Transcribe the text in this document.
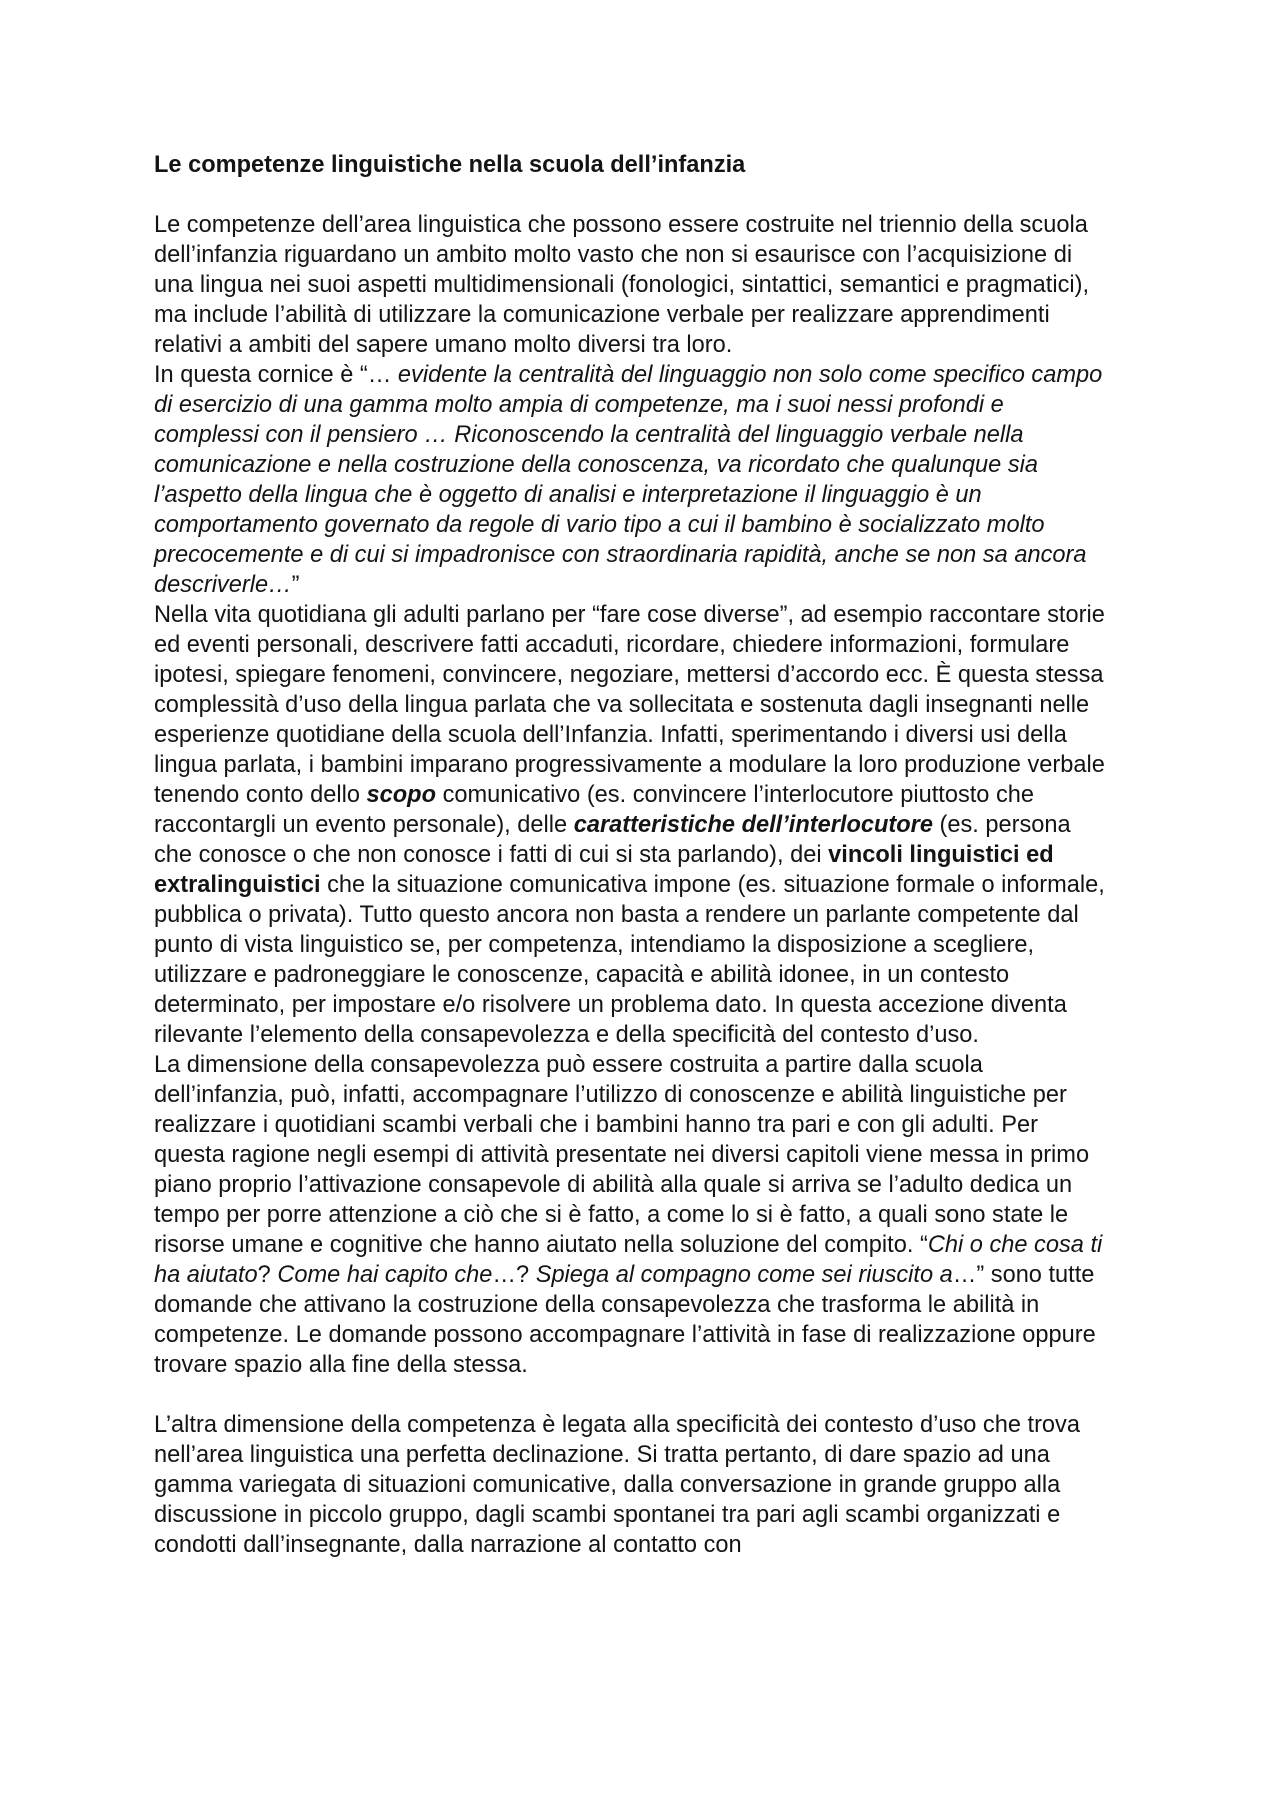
Le competenze linguistiche nella scuola dell’infanzia

Le competenze dell’area linguistica che possono essere costruite nel triennio della scuola dell’infanzia riguardano un ambito molto vasto che non si esaurisce con l’acquisizione di una lingua nei suoi aspetti multidimensionali (fonologici, sintattici, semantici e pragmatici), ma include l’abilità di utilizzare la comunicazione verbale per realizzare apprendimenti relativi a ambiti del sapere umano molto diversi tra loro.

In questa cornice è “… evidente la centralità del linguaggio non solo come specifico campo di esercizio di una gamma molto ampia di competenze, ma i suoi nessi profondi e complessi con il pensiero … Riconoscendo la centralità del linguaggio verbale nella comunicazione e nella costruzione della conoscenza, va ricordato che qualunque sia l’aspetto della lingua che è oggetto di analisi e interpretazione il linguaggio è un comportamento governato da regole di vario tipo a cui il bambino è socializzato molto precocemente e di cui si impadronisce con straordinaria rapidità, anche se non sa ancora descriverle…”

Nella vita quotidiana gli adulti parlano per “fare cose diverse”, ad esempio raccontare storie ed eventi personali, descrivere fatti accaduti, ricordare, chiedere informazioni, formulare ipotesi, spiegare fenomeni, convincere, negoziare, mettersi d’accordo ecc. È questa stessa complessità d’uso della lingua parlata che va sollecitata e sostenuta dagli insegnanti nelle esperienze quotidiane della scuola dell’Infanzia. Infatti, sperimentando i diversi usi della lingua parlata, i bambini imparano progressivamente a modulare la loro produzione verbale tenendo conto dello scopo comunicativo (es. convincere l’interlocutore piuttosto che raccontargli un evento personale), delle caratteristiche dell’interlocutore (es. persona che conosce o che non conosce i fatti di cui si sta parlando), dei vincoli linguistici ed extralinguistici che la situazione comunicativa impone (es. situazione formale o informale, pubblica o privata). Tutto questo ancora non basta a rendere un parlante competente dal punto di vista linguistico se, per competenza, intendiamo la disposizione a scegliere, utilizzare e padroneggiare le conoscenze, capacità e abilità idonee, in un contesto determinato, per impostare e/o risolvere un problema dato. In questa accezione diventa rilevante l’elemento della consapevolezza e della specificità del contesto d’uso.

La dimensione della consapevolezza può essere costruita a partire dalla scuola dell’infanzia, può, infatti, accompagnare l’utilizzo di conoscenze e abilità linguistiche per realizzare i quotidiani scambi verbali che i bambini hanno tra pari e con gli adulti. Per questa ragione negli esempi di attività presentate nei diversi capitoli viene messa in primo piano proprio l’attivazione consapevole di abilità alla quale si arriva se l’adulto dedica un tempo per porre attenzione a ciò che si è fatto, a come lo si è fatto, a quali sono state le risorse umane e cognitive che hanno aiutato nella soluzione del compito. “Chi o che cosa ti ha aiutato? Come hai capito che…? Spiega al compagno come sei riuscito a…” sono tutte domande che attivano la costruzione della consapevolezza che trasforma le abilità in competenze. Le domande possono accompagnare l’attività in fase di realizzazione oppure trovare spazio alla fine della stessa.

L’altra dimensione della competenza è legata alla specificità dei contesto d’uso che trova nell’area linguistica una perfetta declinazione. Si tratta pertanto, di dare spazio ad una gamma variegata di situazioni comunicative, dalla conversazione in grande gruppo alla discussione in piccolo gruppo, dagli scambi spontanei tra pari agli scambi organizzati e condotti dall’insegnante, dalla narrazione al contatto con
